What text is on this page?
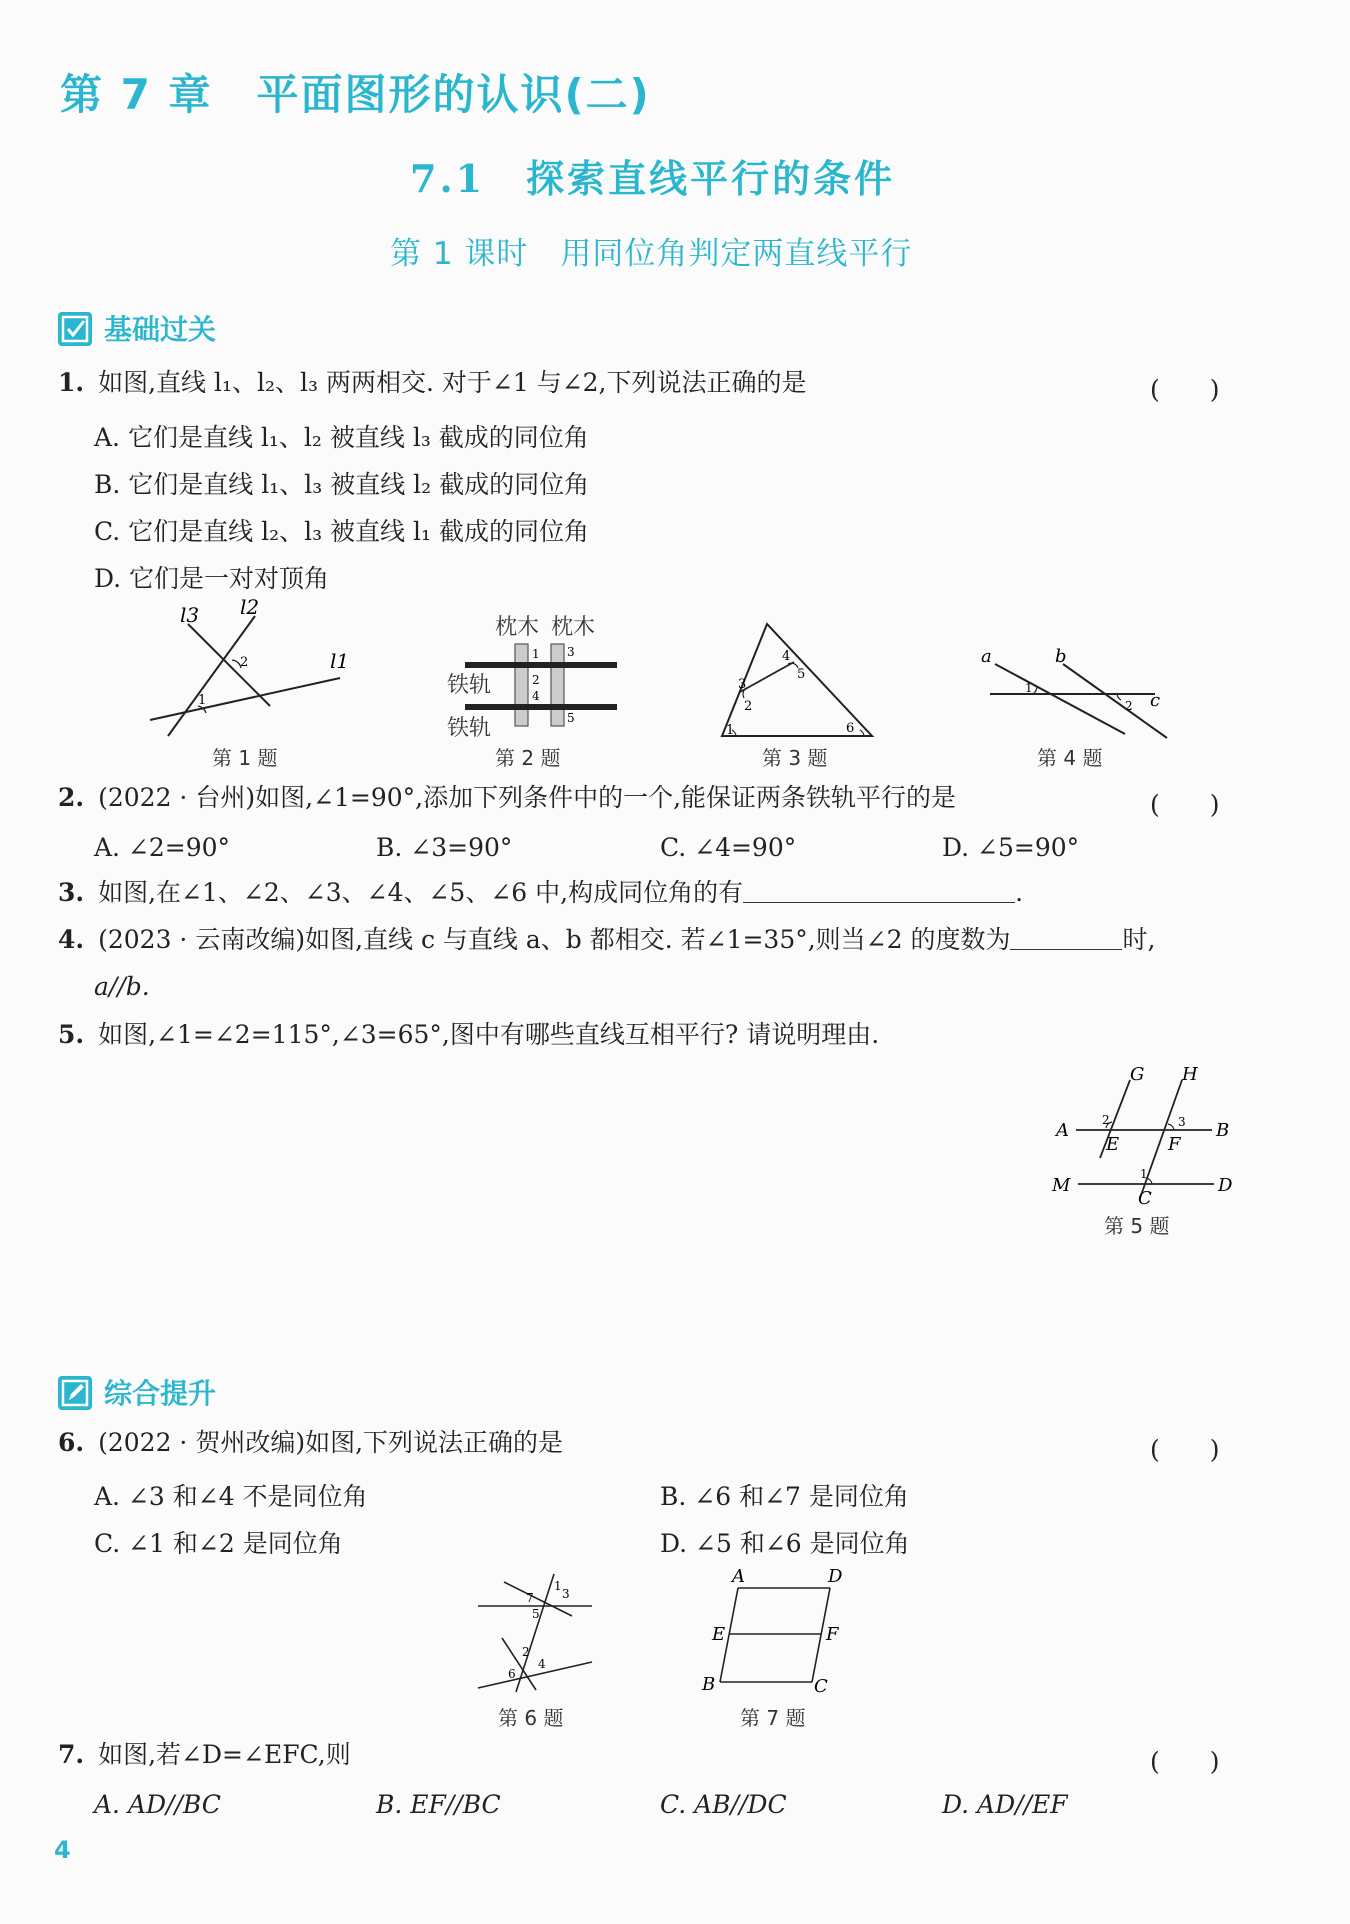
第 7 章　平面图形的认识(二)
7.1　探索直线平行的条件
第 1 课时　用同位角判定两直线平行
基础过关
1. 如图,直线 l₁、l₂、l₃ 两两相交. 对于∠1 与∠2,下列说法正确的是	(　　)
A. 它们是直线 l₁、l₂ 被直线 l₃ 截成的同位角
B. 它们是直线 l₁、l₃ 被直线 l₂ 截成的同位角
C. 它们是直线 l₂、l₃ 被直线 l₁ 截成的同位角
D. 它们是一对对顶角
l3 l2
l1
1
2
第 1 题
枕木 枕木
铁轨
铁轨
1
2
3
4
5
第 2 题
1
2
3
4
5
6
第 3 题
a	b
c
1
2
第 4 题
2. (2022 · 台州)如图,∠1=90°,添加下列条件中的一个,能保证两条铁轨平行的是	(　　)
A. ∠2=90°	B. ∠3=90°	C. ∠4=90°	D. ∠5=90°
3. 如图,在∠1、∠2、∠3、∠4、∠5、∠6 中,构成同位角的有	.
4. (2023 · 云南改编)如图,直线 c 与直线 a、b 都相交. 若∠1=35°,则当∠2 的度数为	时,
a//b.
5. 如图,∠1=∠2=115°,∠3=65°,图中有哪些直线互相平行? 请说明理由.
G H
A	B
E	F
M
C
D
1
2	3
第 5 题
综合提升
6. (2022 · 贺州改编)如图,下列说法正确的是	(　　)
A. ∠3 和∠4 不是同位角	B. ∠6 和∠7 是同位角
C. ∠1 和∠2 是同位角	D. ∠5 和∠6 是同位角
1
2
3
4
5
6
7
第 6 题
A	D
E	F
B	C
第 7 题
7. 如图,若∠D=∠EFC,则	(　　)
A. AD//BC	B. EF//BC	C. AB//DC	D. AD//EF
4
